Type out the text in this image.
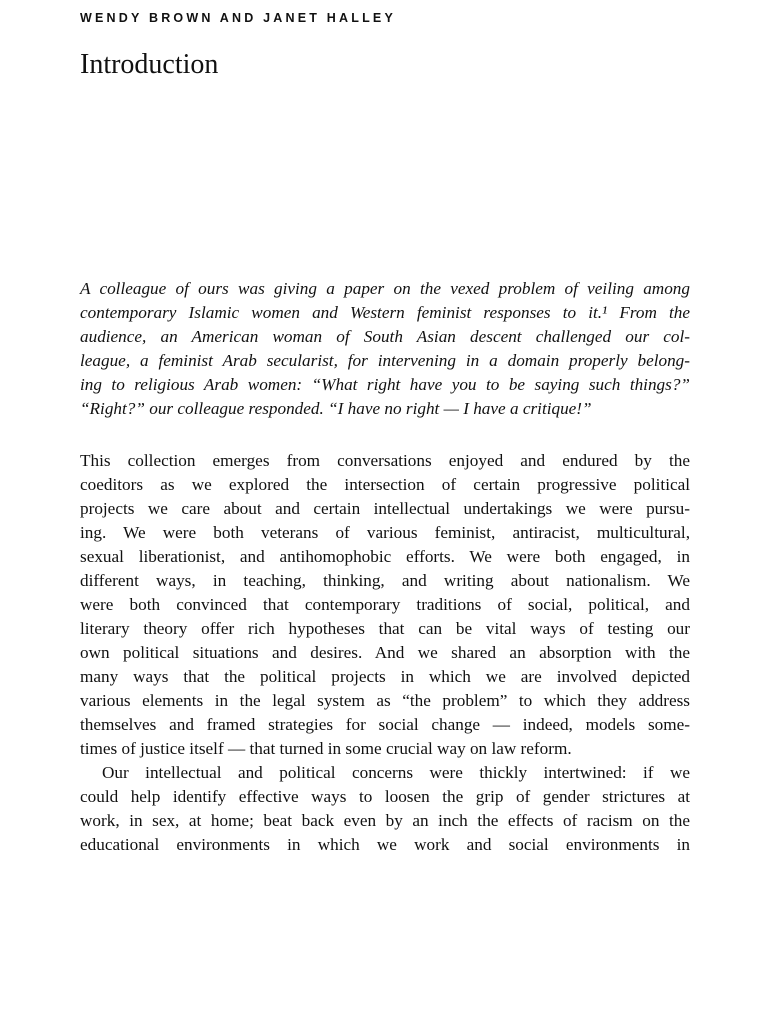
WENDY BROWN AND JANET HALLEY
Introduction
A colleague of ours was giving a paper on the vexed problem of veiling among
contemporary Islamic women and Western feminist responses to it.¹ From the
audience, an American woman of South Asian descent challenged our col-
league, a feminist Arab secularist, for intervening in a domain properly belong-
ing to religious Arab women: “What right have you to be saying such things?”
“Right?” our colleague responded. “I have no right — I have a critique!”
This collection emerges from conversations enjoyed and endured by the
coeditors as we explored the intersection of certain progressive political
projects we care about and certain intellectual undertakings we were pursu-
ing. We were both veterans of various feminist, antiracist, multicultural,
sexual liberationist, and antihomophobic efforts. We were both engaged, in
different ways, in teaching, thinking, and writing about nationalism. We
were both convinced that contemporary traditions of social, political, and
literary theory offer rich hypotheses that can be vital ways of testing our
own political situations and desires. And we shared an absorption with the
many ways that the political projects in which we are involved depicted
various elements in the legal system as “the problem” to which they address
themselves and framed strategies for social change — indeed, models some-
times of justice itself — that turned in some crucial way on law reform.
Our intellectual and political concerns were thickly intertwined: if we
could help identify effective ways to loosen the grip of gender strictures at
work, in sex, at home; beat back even by an inch the effects of racism on the
educational environments in which we work and social environments in
